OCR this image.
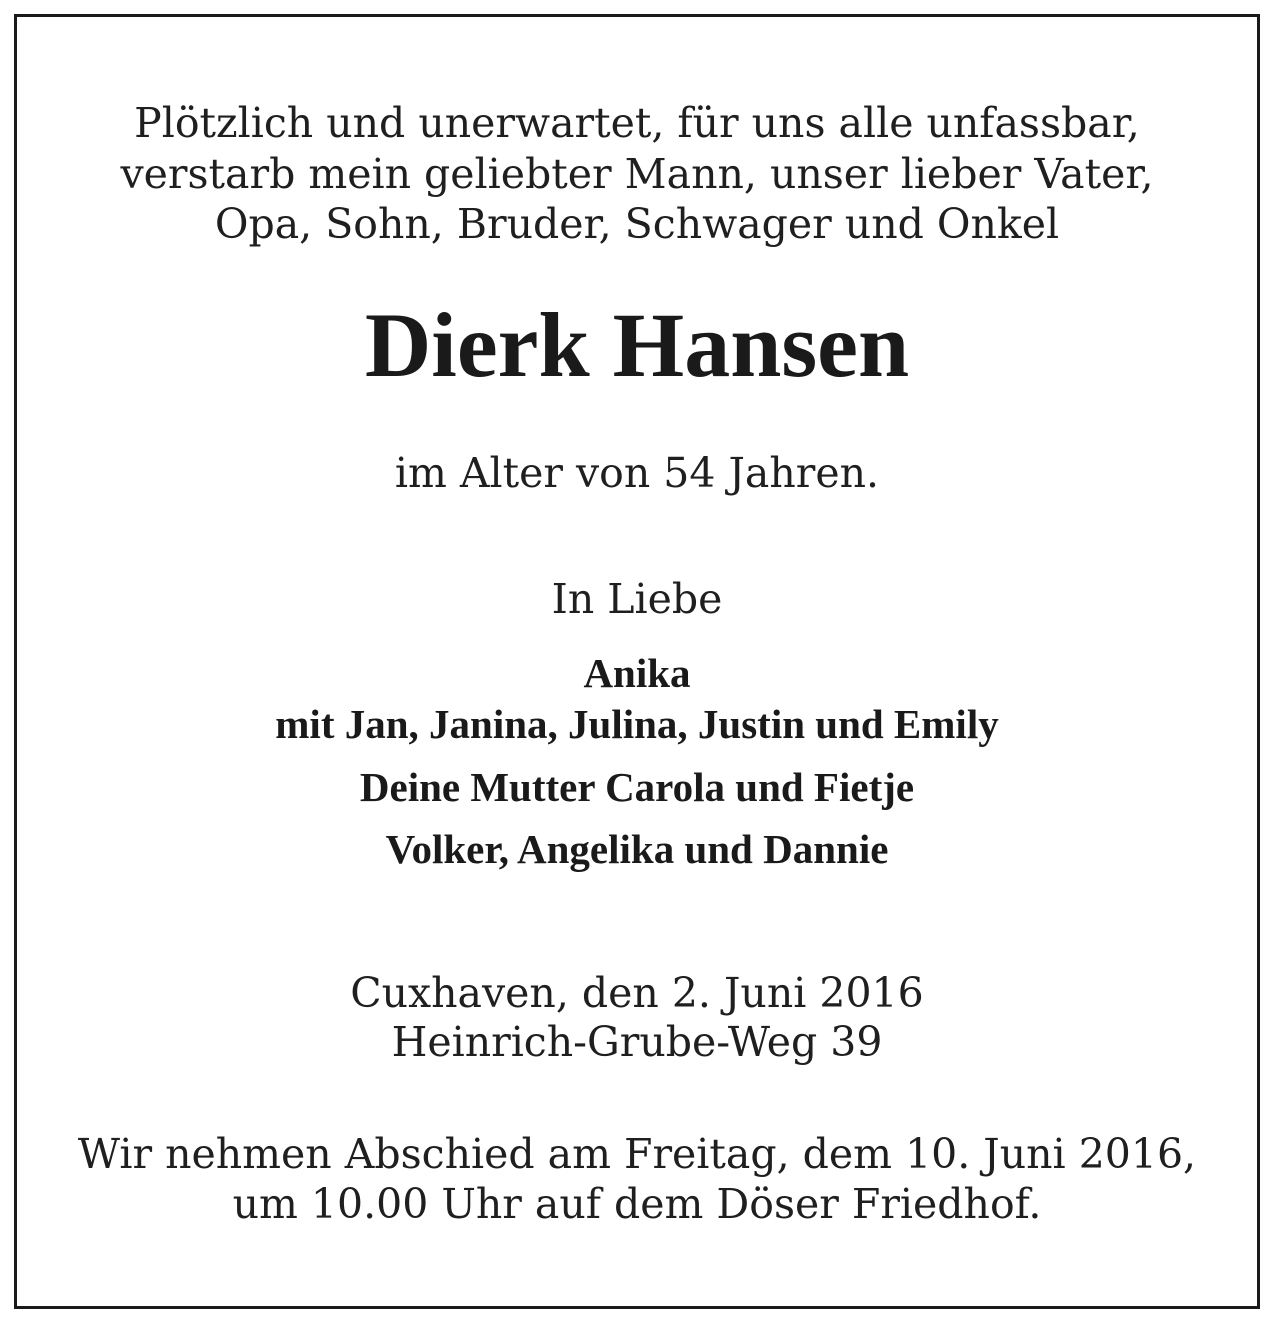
Plötzlich und unerwartet, für uns alle unfassbar,
verstarb mein geliebter Mann, unser lieber Vater,
Opa, Sohn, Bruder, Schwager und Onkel
Dierk Hansen
im Alter von 54 Jahren.
In Liebe
Anika
mit Jan, Janina, Julina, Justin und Emily
Deine Mutter Carola und Fietje
Volker, Angelika und Dannie
Cuxhaven, den 2. Juni 2016
Heinrich-Grube-Weg 39
Wir nehmen Abschied am Freitag, dem 10. Juni 2016,
um 10.00 Uhr auf dem Döser Friedhof.
